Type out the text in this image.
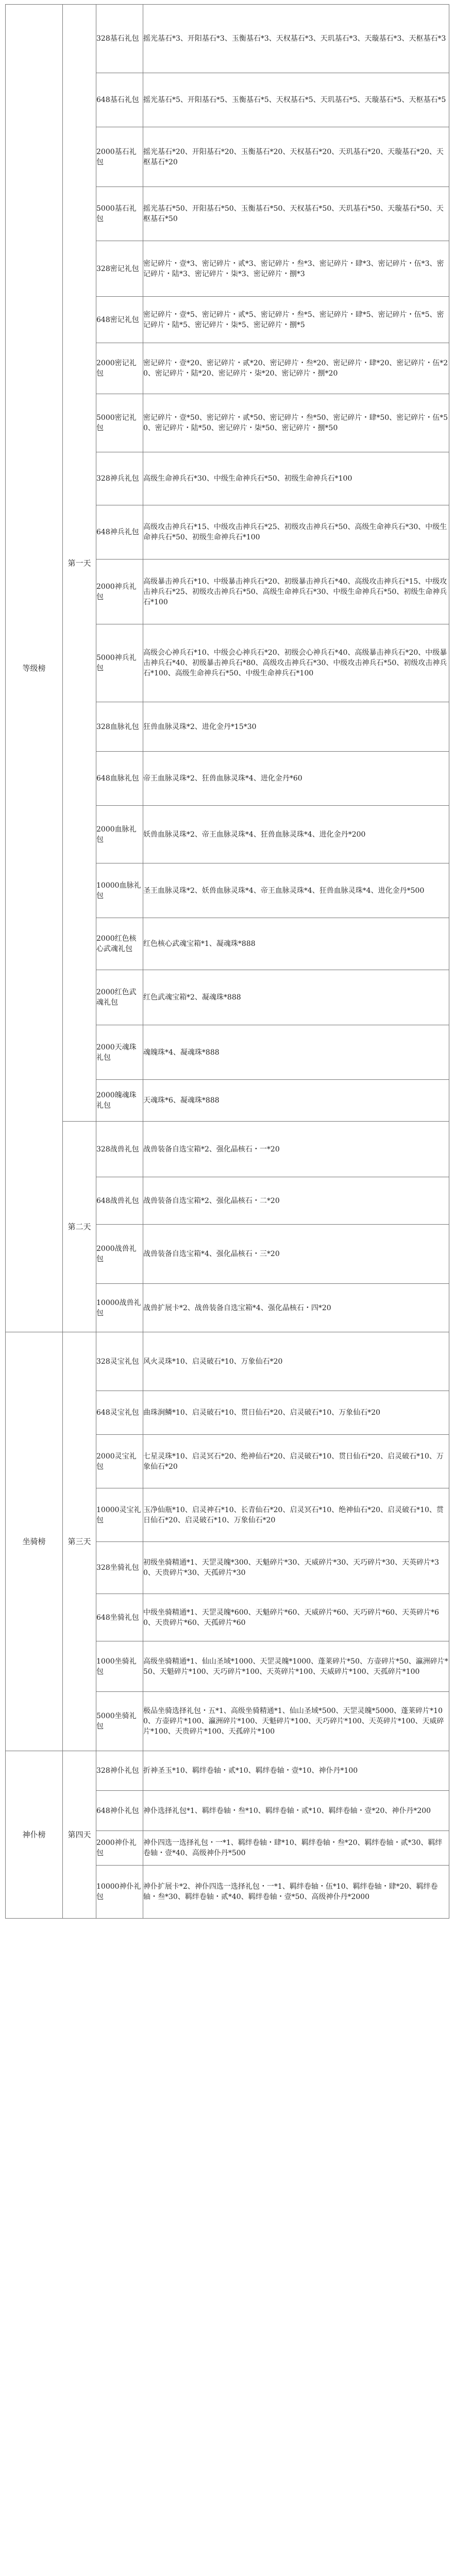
等级榜	第一天	328基石礼包	摇光基石*3、开阳基石*3、玉衡基石*3、天权基石*3、天玑基石*3、天璇基石*3、天枢基石*3
		648基石礼包	摇光基石*5、开阳基石*5、玉衡基石*5、天权基石*5、天玑基石*5、天璇基石*5、天枢基石*5
		2000基石礼包	摇光基石*20、开阳基石*20、玉衡基石*20、天权基石*20、天玑基石*20、天璇基石*20、天枢基石*20
		5000基石礼包	摇光基石*50、开阳基石*50、玉衡基石*50、天权基石*50、天玑基石*50、天璇基石*50、天枢基石*50
		328密记礼包	密记碎片・壹*3、密记碎片・贰*3、密记碎片・叁*3、密记碎片・肆*3、密记碎片・伍*3、密记碎片・陆*3、密记碎片・柒*3、密记碎片・捌*3
		648密记礼包	密记碎片・壹*5、密记碎片・贰*5、密记碎片・叁*5、密记碎片・肆*5、密记碎片・伍*5、密记碎片・陆*5、密记碎片・柒*5、密记碎片・捌*5
		2000密记礼包	密记碎片・壹*20、密记碎片・贰*20、密记碎片・叁*20、密记碎片・肆*20、密记碎片・伍*20、密记碎片・陆*20、密记碎片・柒*20、密记碎片・捌*20
		5000密记礼包	密记碎片・壹*50、密记碎片・贰*50、密记碎片・叁*50、密记碎片・肆*50、密记碎片・伍*50、密记碎片・陆*50、密记碎片・柒*50、密记碎片・捌*50
		328神兵礼包	高级生命神兵石*30、中级生命神兵石*50、初级生命神兵石*100
		648神兵礼包	高级攻击神兵石*15、中级攻击神兵石*25、初级攻击神兵石*50、高级生命神兵石*30、中级生命神兵石*50、初级生命神兵石*100
		2000神兵礼包	高级暴击神兵石*10、中级暴击神兵石*20、初级暴击神兵石*40、高级攻击神兵石*15、中级攻击神兵石*25、初级攻击神兵石*50、高级生命神兵石*30、中级生命神兵石*50、初级生命神兵石*100
		5000神兵礼包	高级会心神兵石*10、中级会心神兵石*20、初级会心神兵石*40、高级暴击神兵石*20、中级暴击神兵石*40、初级暴击神兵石*80、高级攻击神兵石*30、中级攻击神兵石*50、初级攻击神兵石*100、高级生命神兵石*50、中级生命神兵石*100
		328血脉礼包	狂兽血脉灵珠*2、进化金丹*15*30
		648血脉礼包	帝王血脉灵珠*2、狂兽血脉灵珠*4、进化金丹*60
		2000血脉礼包	妖兽血脉灵珠*2、帝王血脉灵珠*4、狂兽血脉灵珠*4、进化金丹*200
		10000血脉礼包	圣王血脉灵珠*2、妖兽血脉灵珠*4、帝王血脉灵珠*4、狂兽血脉灵珠*4、进化金丹*500
		2000红色核心武魂礼包	红色核心武魂宝箱*1、凝魂珠*888
		2000红色武魂礼包	红色武魂宝箱*2、凝魂珠*888
		2000天魂珠礼包	魂魄珠*4、凝魂珠*888
		2000魄魂珠礼包	天魂珠*6、凝魂珠*888
	第二天	328战兽礼包	战兽装备自选宝箱*2、强化晶核石・一*20
		648战兽礼包	战兽装备自选宝箱*2、强化晶核石・二*20
		2000战兽礼包	战兽装备自选宝箱*4、强化晶核石・三*20
		10000战兽礼包	战兽扩展卡*2、战兽装备自选宝箱*4、强化晶核石・四*20
坐骑榜	第三天	328灵宝礼包	风火灵珠*10、启灵破石*10、万象仙石*20
		648灵宝礼包	曲珠涧鳞*10、启灵破石*10、贯日仙石*20、启灵破石*10、万象仙石*20
		2000灵宝礼包	七星灵珠*10、启灵冥石*20、绝神仙石*20、启灵破石*10、贯日仙石*20、启灵破石*10、万象仙石*20
		10000灵宝礼包	玉净仙瓶*10、启灵神石*10、长青仙石*20、启灵冥石*10、绝神仙石*20、启灵破石*10、贯日仙石*20、启灵破石*10、万象仙石*20
		328坐骑礼包	初级坐骑精通*1、天罡灵魄*300、天魁碎片*30、天威碎片*30、天巧碎片*30、天英碎片*30、天贵碎片*30、天孤碎片*30
		648坐骑礼包	中级坐骑精通*1、天罡灵魄*600、天魁碎片*60、天威碎片*60、天巧碎片*60、天英碎片*60、天贵碎片*60、天孤碎片*60
		1000坐骑礼包	高级坐骑精通*1、仙山圣域*1000、天罡灵魄*1000、蓬莱碎片*50、方壶碎片*50、瀛洲碎片*50、天魁碎片*100、天巧碎片*100、天英碎片*100、天威碎片*100、天孤碎片*100
		5000坐骑礼包	极品坐骑选择礼包・五*1、高级坐骑精通*1、仙山圣域*500、天罡灵魄*5000、蓬莱碎片*100、方壶碎片*100、瀛洲碎片*100、天魁碎片*100、天巧碎片*100、天英碎片*100、天威碎片*100、天贵碎片*100、天孤碎片*100
神仆榜	第四天	328神仆礼包	折神圣玉*10、羁绊卷轴・贰*10、羁绊卷轴・壹*10、神仆丹*100
		648神仆礼包	神仆选择礼包*1、羁绊卷轴・叁*10、羁绊卷轴・贰*10、羁绊卷轴・壹*20、神仆丹*200
		2000神仆礼包	神仆四选一选择礼包・一*1、羁绊卷轴・肆*10、羁绊卷轴・叁*20、羁绊卷轴・贰*30、羁绊卷轴・壹*40、高级神仆丹*500
		10000神仆礼包	神仆扩展卡*2、神仆四选一选择礼包・一*1、羁绊卷轴・伍*10、羁绊卷轴・肆*20、羁绊卷轴・叁*30、羁绊卷轴・贰*40、羁绊卷轴・壹*50、高级神仆丹*2000
